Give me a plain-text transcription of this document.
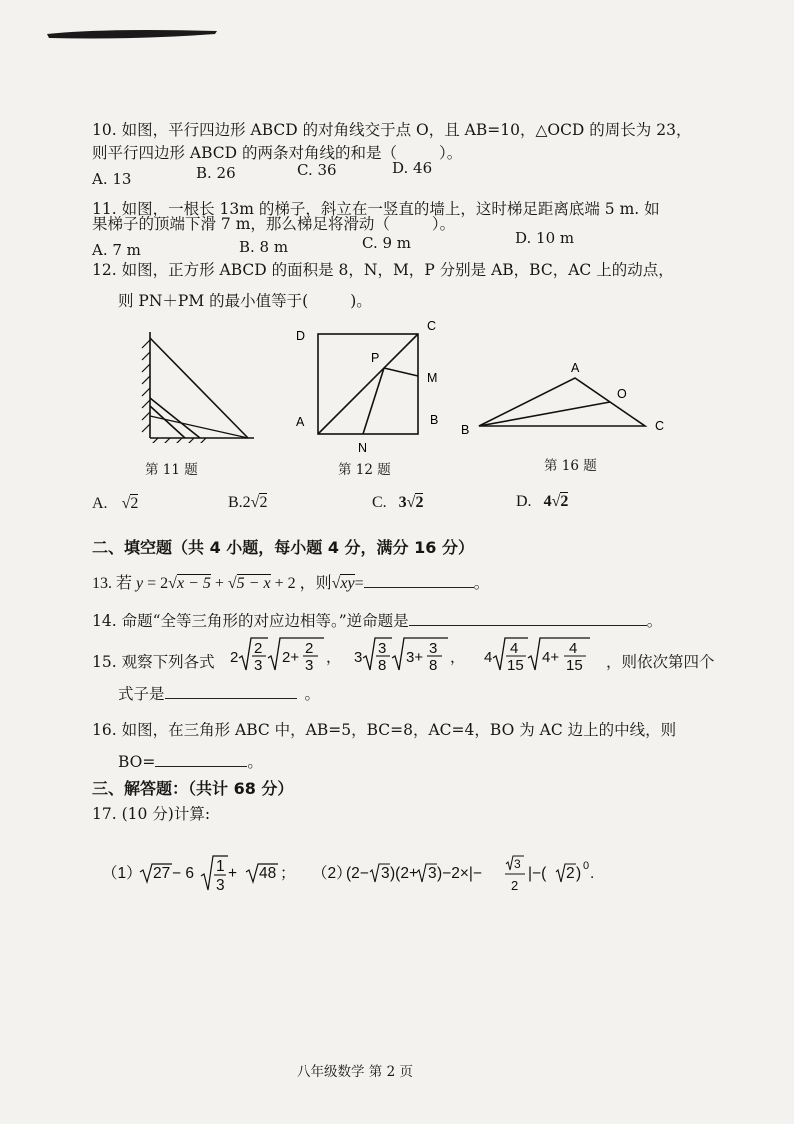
10. 如图，平行四边形 ABCD 的对角线交于点 O，且 AB=10，△OCD 的周长为 23，
则平行四边形 ABCD 的两条对角线的和是（	）。
A. 13	B. 26	C. 36	D. 46
11. 如图，一根长 13m 的梯子，斜立在一竖直的墙上，这时梯足距离底端 5 m. 如
果梯子的顶端下滑 7 m，那么梯足将滑动（	）。
A. 7 m	B. 8 m	C. 9 m	D. 10 m
12. 如图，正方形 ABCD 的面积是 8，N，M，P 分别是 AB，BC，AC 上的动点，
则 PN＋PM 的最小值等于(	)。
第 11 题
D
C
P
M
A	B
N
第 12 题
A
O
B	C
第 16 题
A. √2	B.2√2	C. 3√2	D. 4√2
二、填空题（共 4 小题，每小题 4 分，满分 16 分）
13. 若 y = 2√x − 5 + √5 − x + 2 ，则√xy=	。
14. 命题“全等三角形的对应边相等。”逆命题是	。
15. 观察下列各式 2
2
3 2+
2
3 ， 3
3
8 3+
3
8 ， 4
4
15 4+
4
15 ，则依次第四个
式子是	。
16. 如图，在三角形 ABC 中，AB=5，BC=8，AC=4，BO 为 AC 边上的中线，则
BO=	。
三、解答题：（共计 68 分）
17. (10 分)计算:
（1） 27 − 6 1
3
+ 48 ； （2）
(2− 3 )(2+ 3 )−2×|−
3
2
|−( 2 ) 0 .
八年级数学 第 2 页
